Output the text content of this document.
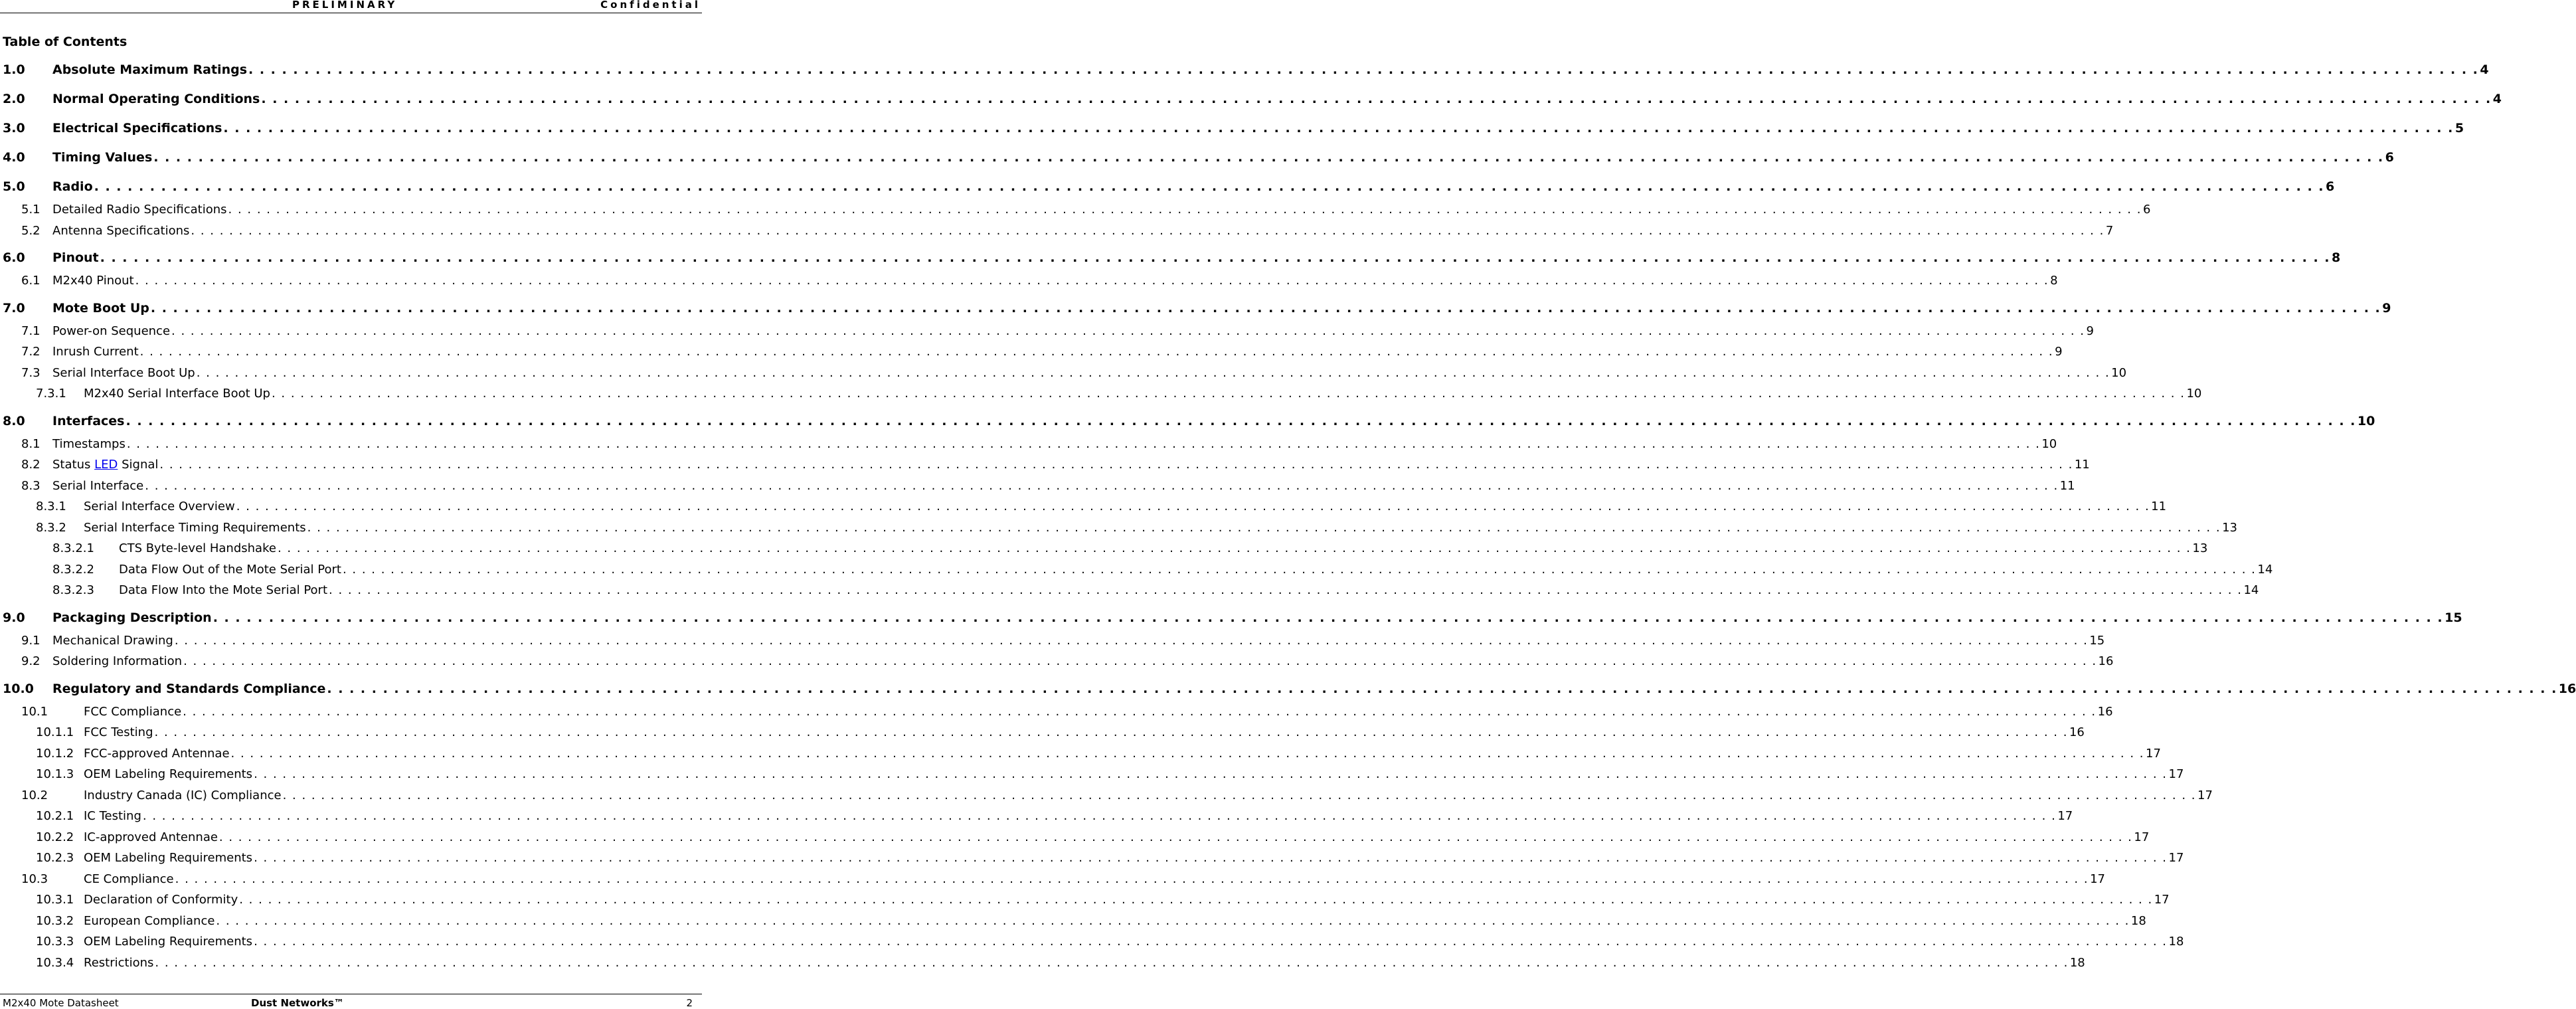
PRELIMINARY	Confidential
Table of Contents
1.0	Absolute Maximum Ratings . . . . . . . . . . . . . . . . . . . . . . . . . . . . . . . . . . . . . . . . . . . . . . . . . . . . . . . . . . . . . . . . . . . . . . . . . . . . . . . . . . . . . . . . . . . . . . . . . . . . . . . . . . . . . . . . . . . . . . . . . . . . . . . . . . . . . . . . . . . . . . . . . . . . . . . . . . . . . . . . . . . . . . . . . . . . . . . . . . . . . . . . . . . . . . . . . . . . . . . . 4
2.0	Normal Operating Conditions . . . . . . . . . . . . . . . . . . . . . . . . . . . . . . . . . . . . . . . . . . . . . . . . . . . . . . . . . . . . . . . . . . . . . . . . . . . . . . . . . . . . . . . . . . . . . . . . . . . . . . . . . . . . . . . . . . . . . . . . . . . . . . . . . . . . . . . . . . . . . . . . . . . . . . . . . . . . . . . . . . . . . . . . . . . . . . . . . . . . . . . . . . . . . . . . . . . . . . . . 4
3.0	Electrical Specifications . . . . . . . . . . . . . . . . . . . . . . . . . . . . . . . . . . . . . . . . . . . . . . . . . . . . . . . . . . . . . . . . . . . . . . . . . . . . . . . . . . . . . . . . . . . . . . . . . . . . . . . . . . . . . . . . . . . . . . . . . . . . . . . . . . . . . . . . . . . . . . . . . . . . . . . . . . . . . . . . . . . . . . . . . . . . . . . . . . . . . . . . . . . . . . . . . . . . . . . . 5
4.0	Timing Values . . . . . . . . . . . . . . . . . . . . . . . . . . . . . . . . . . . . . . . . . . . . . . . . . . . . . . . . . . . . . . . . . . . . . . . . . . . . . . . . . . . . . . . . . . . . . . . . . . . . . . . . . . . . . . . . . . . . . . . . . . . . . . . . . . . . . . . . . . . . . . . . . . . . . . . . . . . . . . . . . . . . . . . . . . . . . . . . . . . . . . . . . . . . . . . . . . . . . . . . 6
5.0	Radio . . . . . . . . . . . . . . . . . . . . . . . . . . . . . . . . . . . . . . . . . . . . . . . . . . . . . . . . . . . . . . . . . . . . . . . . . . . . . . . . . . . . . . . . . . . . . . . . . . . . . . . . . . . . . . . . . . . . . . . . . . . . . . . . . . . . . . . . . . . . . . . . . . . . . . . . . . . . . . . . . . . . . . . . . . . . . . . . . . . . . . . . . . . . . . . . . . . . . . . . 6
5.1	Detailed Radio Specifications . . . . . . . . . . . . . . . . . . . . . . . . . . . . . . . . . . . . . . . . . . . . . . . . . . . . . . . . . . . . . . . . . . . . . . . . . . . . . . . . . . . . . . . . . . . . . . . . . . . . . . . . . . . . . . . . . . . . . . . . . . . . . . . . . . . . . . . . . . . . . . . . . . . . . . . . . . . . . . . . . . . . . . . . . . . . . . . . . . . . . . . . . . . . . . . . . . . . . . . . 6
5.2	Antenna Specifications . . . . . . . . . . . . . . . . . . . . . . . . . . . . . . . . . . . . . . . . . . . . . . . . . . . . . . . . . . . . . . . . . . . . . . . . . . . . . . . . . . . . . . . . . . . . . . . . . . . . . . . . . . . . . . . . . . . . . . . . . . . . . . . . . . . . . . . . . . . . . . . . . . . . . . . . . . . . . . . . . . . . . . . . . . . . . . . . . . . . . . . . . . . . . . . . . . . . . . . . 7
6.0	Pinout . . . . . . . . . . . . . . . . . . . . . . . . . . . . . . . . . . . . . . . . . . . . . . . . . . . . . . . . . . . . . . . . . . . . . . . . . . . . . . . . . . . . . . . . . . . . . . . . . . . . . . . . . . . . . . . . . . . . . . . . . . . . . . . . . . . . . . . . . . . . . . . . . . . . . . . . . . . . . . . . . . . . . . . . . . . . . . . . . . . . . . . . . . . . . . . . . . . . . . . . 8
6.1	M2x40 Pinout . . . . . . . . . . . . . . . . . . . . . . . . . . . . . . . . . . . . . . . . . . . . . . . . . . . . . . . . . . . . . . . . . . . . . . . . . . . . . . . . . . . . . . . . . . . . . . . . . . . . . . . . . . . . . . . . . . . . . . . . . . . . . . . . . . . . . . . . . . . . . . . . . . . . . . . . . . . . . . . . . . . . . . . . . . . . . . . . . . . . . . . . . . . . . . . . . . . . . . . . 8
7.0	Mote Boot Up . . . . . . . . . . . . . . . . . . . . . . . . . . . . . . . . . . . . . . . . . . . . . . . . . . . . . . . . . . . . . . . . . . . . . . . . . . . . . . . . . . . . . . . . . . . . . . . . . . . . . . . . . . . . . . . . . . . . . . . . . . . . . . . . . . . . . . . . . . . . . . . . . . . . . . . . . . . . . . . . . . . . . . . . . . . . . . . . . . . . . . . . . . . . . . . . . . . . . . . . 9
7.1	Power-on Sequence . . . . . . . . . . . . . . . . . . . . . . . . . . . . . . . . . . . . . . . . . . . . . . . . . . . . . . . . . . . . . . . . . . . . . . . . . . . . . . . . . . . . . . . . . . . . . . . . . . . . . . . . . . . . . . . . . . . . . . . . . . . . . . . . . . . . . . . . . . . . . . . . . . . . . . . . . . . . . . . . . . . . . . . . . . . . . . . . . . . . . . . . . . . . . . . . . . . . . . . . 9
7.2	Inrush Current . . . . . . . . . . . . . . . . . . . . . . . . . . . . . . . . . . . . . . . . . . . . . . . . . . . . . . . . . . . . . . . . . . . . . . . . . . . . . . . . . . . . . . . . . . . . . . . . . . . . . . . . . . . . . . . . . . . . . . . . . . . . . . . . . . . . . . . . . . . . . . . . . . . . . . . . . . . . . . . . . . . . . . . . . . . . . . . . . . . . . . . . . . . . . . . . . . . . . . . . 9
7.3	Serial Interface Boot Up . . . . . . . . . . . . . . . . . . . . . . . . . . . . . . . . . . . . . . . . . . . . . . . . . . . . . . . . . . . . . . . . . . . . . . . . . . . . . . . . . . . . . . . . . . . . . . . . . . . . . . . . . . . . . . . . . . . . . . . . . . . . . . . . . . . . . . . . . . . . . . . . . . . . . . . . . . . . . . . . . . . . . . . . . . . . . . . . . . . . . . . . . . . . . . . . . . . . . . . . 10
7.3.1	M2x40 Serial Interface Boot Up . . . . . . . . . . . . . . . . . . . . . . . . . . . . . . . . . . . . . . . . . . . . . . . . . . . . . . . . . . . . . . . . . . . . . . . . . . . . . . . . . . . . . . . . . . . . . . . . . . . . . . . . . . . . . . . . . . . . . . . . . . . . . . . . . . . . . . . . . . . . . . . . . . . . . . . . . . . . . . . . . . . . . . . . . . . . . . . . . . . . . . . . . . . . . . . . . . . . . . . . 10
8.0	Interfaces . . . . . . . . . . . . . . . . . . . . . . . . . . . . . . . . . . . . . . . . . . . . . . . . . . . . . . . . . . . . . . . . . . . . . . . . . . . . . . . . . . . . . . . . . . . . . . . . . . . . . . . . . . . . . . . . . . . . . . . . . . . . . . . . . . . . . . . . . . . . . . . . . . . . . . . . . . . . . . . . . . . . . . . . . . . . . . . . . . . . . . . . . . . . . . . . . . . . . . . . 10
8.1	Timestamps . . . . . . . . . . . . . . . . . . . . . . . . . . . . . . . . . . . . . . . . . . . . . . . . . . . . . . . . . . . . . . . . . . . . . . . . . . . . . . . . . . . . . . . . . . . . . . . . . . . . . . . . . . . . . . . . . . . . . . . . . . . . . . . . . . . . . . . . . . . . . . . . . . . . . . . . . . . . . . . . . . . . . . . . . . . . . . . . . . . . . . . . . . . . . . . . . . . . . . . . 10
8.2	Status LED Signal . . . . . . . . . . . . . . . . . . . . . . . . . . . . . . . . . . . . . . . . . . . . . . . . . . . . . . . . . . . . . . . . . . . . . . . . . . . . . . . . . . . . . . . . . . . . . . . . . . . . . . . . . . . . . . . . . . . . . . . . . . . . . . . . . . . . . . . . . . . . . . . . . . . . . . . . . . . . . . . . . . . . . . . . . . . . . . . . . . . . . . . . . . . . . . . . . . . . . . . . 11
8.3	Serial Interface . . . . . . . . . . . . . . . . . . . . . . . . . . . . . . . . . . . . . . . . . . . . . . . . . . . . . . . . . . . . . . . . . . . . . . . . . . . . . . . . . . . . . . . . . . . . . . . . . . . . . . . . . . . . . . . . . . . . . . . . . . . . . . . . . . . . . . . . . . . . . . . . . . . . . . . . . . . . . . . . . . . . . . . . . . . . . . . . . . . . . . . . . . . . . . . . . . . . . . . . 11
8.3.1	Serial Interface Overview . . . . . . . . . . . . . . . . . . . . . . . . . . . . . . . . . . . . . . . . . . . . . . . . . . . . . . . . . . . . . . . . . . . . . . . . . . . . . . . . . . . . . . . . . . . . . . . . . . . . . . . . . . . . . . . . . . . . . . . . . . . . . . . . . . . . . . . . . . . . . . . . . . . . . . . . . . . . . . . . . . . . . . . . . . . . . . . . . . . . . . . . . . . . . . . . . . . . . . . . 11
8.3.2	Serial Interface Timing Requirements . . . . . . . . . . . . . . . . . . . . . . . . . . . . . . . . . . . . . . . . . . . . . . . . . . . . . . . . . . . . . . . . . . . . . . . . . . . . . . . . . . . . . . . . . . . . . . . . . . . . . . . . . . . . . . . . . . . . . . . . . . . . . . . . . . . . . . . . . . . . . . . . . . . . . . . . . . . . . . . . . . . . . . . . . . . . . . . . . . . . . . . . . . . . . . . . . . . . . . . . 13
8.3.2.1	CTS Byte-level Handshake . . . . . . . . . . . . . . . . . . . . . . . . . . . . . . . . . . . . . . . . . . . . . . . . . . . . . . . . . . . . . . . . . . . . . . . . . . . . . . . . . . . . . . . . . . . . . . . . . . . . . . . . . . . . . . . . . . . . . . . . . . . . . . . . . . . . . . . . . . . . . . . . . . . . . . . . . . . . . . . . . . . . . . . . . . . . . . . . . . . . . . . . . . . . . . . . . . . . . . . . 13
8.3.2.2	Data Flow Out of the Mote Serial Port . . . . . . . . . . . . . . . . . . . . . . . . . . . . . . . . . . . . . . . . . . . . . . . . . . . . . . . . . . . . . . . . . . . . . . . . . . . . . . . . . . . . . . . . . . . . . . . . . . . . . . . . . . . . . . . . . . . . . . . . . . . . . . . . . . . . . . . . . . . . . . . . . . . . . . . . . . . . . . . . . . . . . . . . . . . . . . . . . . . . . . . . . . . . . . . . . . . . . . . . 14
8.3.2.3	Data Flow Into the Mote Serial Port . . . . . . . . . . . . . . . . . . . . . . . . . . . . . . . . . . . . . . . . . . . . . . . . . . . . . . . . . . . . . . . . . . . . . . . . . . . . . . . . . . . . . . . . . . . . . . . . . . . . . . . . . . . . . . . . . . . . . . . . . . . . . . . . . . . . . . . . . . . . . . . . . . . . . . . . . . . . . . . . . . . . . . . . . . . . . . . . . . . . . . . . . . . . . . . . . . . . . . . . 14
9.0	Packaging Description . . . . . . . . . . . . . . . . . . . . . . . . . . . . . . . . . . . . . . . . . . . . . . . . . . . . . . . . . . . . . . . . . . . . . . . . . . . . . . . . . . . . . . . . . . . . . . . . . . . . . . . . . . . . . . . . . . . . . . . . . . . . . . . . . . . . . . . . . . . . . . . . . . . . . . . . . . . . . . . . . . . . . . . . . . . . . . . . . . . . . . . . . . . . . . . . . . . . . . . . 15
9.1	Mechanical Drawing . . . . . . . . . . . . . . . . . . . . . . . . . . . . . . . . . . . . . . . . . . . . . . . . . . . . . . . . . . . . . . . . . . . . . . . . . . . . . . . . . . . . . . . . . . . . . . . . . . . . . . . . . . . . . . . . . . . . . . . . . . . . . . . . . . . . . . . . . . . . . . . . . . . . . . . . . . . . . . . . . . . . . . . . . . . . . . . . . . . . . . . . . . . . . . . . . . . . . . . . 15
9.2	Soldering Information . . . . . . . . . . . . . . . . . . . . . . . . . . . . . . . . . . . . . . . . . . . . . . . . . . . . . . . . . . . . . . . . . . . . . . . . . . . . . . . . . . . . . . . . . . . . . . . . . . . . . . . . . . . . . . . . . . . . . . . . . . . . . . . . . . . . . . . . . . . . . . . . . . . . . . . . . . . . . . . . . . . . . . . . . . . . . . . . . . . . . . . . . . . . . . . . . . . . . . . . 16
10.0	Regulatory and Standards Compliance . . . . . . . . . . . . . . . . . . . . . . . . . . . . . . . . . . . . . . . . . . . . . . . . . . . . . . . . . . . . . . . . . . . . . . . . . . . . . . . . . . . . . . . . . . . . . . . . . . . . . . . . . . . . . . . . . . . . . . . . . . . . . . . . . . . . . . . . . . . . . . . . . . . . . . . . . . . . . . . . . . . . . . . . . . . . . . . . . . . . . . . . . . . . . . . . . . . . . . . . 16
10.1	FCC Compliance . . . . . . . . . . . . . . . . . . . . . . . . . . . . . . . . . . . . . . . . . . . . . . . . . . . . . . . . . . . . . . . . . . . . . . . . . . . . . . . . . . . . . . . . . . . . . . . . . . . . . . . . . . . . . . . . . . . . . . . . . . . . . . . . . . . . . . . . . . . . . . . . . . . . . . . . . . . . . . . . . . . . . . . . . . . . . . . . . . . . . . . . . . . . . . . . . . . . . . . . 16
10.1.1 FCC Testing . . . . . . . . . . . . . . . . . . . . . . . . . . . . . . . . . . . . . . . . . . . . . . . . . . . . . . . . . . . . . . . . . . . . . . . . . . . . . . . . . . . . . . . . . . . . . . . . . . . . . . . . . . . . . . . . . . . . . . . . . . . . . . . . . . . . . . . . . . . . . . . . . . . . . . . . . . . . . . . . . . . . . . . . . . . . . . . . . . . . . . . . . . . . . . . . . . . . . . . . 16
10.1.2 FCC-approved Antennae . . . . . . . . . . . . . . . . . . . . . . . . . . . . . . . . . . . . . . . . . . . . . . . . . . . . . . . . . . . . . . . . . . . . . . . . . . . . . . . . . . . . . . . . . . . . . . . . . . . . . . . . . . . . . . . . . . . . . . . . . . . . . . . . . . . . . . . . . . . . . . . . . . . . . . . . . . . . . . . . . . . . . . . . . . . . . . . . . . . . . . . . . . . . . . . . . . . . . . . . 17
10.1.3 OEM Labeling Requirements . . . . . . . . . . . . . . . . . . . . . . . . . . . . . . . . . . . . . . . . . . . . . . . . . . . . . . . . . . . . . . . . . . . . . . . . . . . . . . . . . . . . . . . . . . . . . . . . . . . . . . . . . . . . . . . . . . . . . . . . . . . . . . . . . . . . . . . . . . . . . . . . . . . . . . . . . . . . . . . . . . . . . . . . . . . . . . . . . . . . . . . . . . . . . . . . . . . . . . . . 17
10.2	Industry Canada (IC) Compliance . . . . . . . . . . . . . . . . . . . . . . . . . . . . . . . . . . . . . . . . . . . . . . . . . . . . . . . . . . . . . . . . . . . . . . . . . . . . . . . . . . . . . . . . . . . . . . . . . . . . . . . . . . . . . . . . . . . . . . . . . . . . . . . . . . . . . . . . . . . . . . . . . . . . . . . . . . . . . . . . . . . . . . . . . . . . . . . . . . . . . . . . . . . . . . . . . . . . . . . . 17
10.2.1 IC Testing . . . . . . . . . . . . . . . . . . . . . . . . . . . . . . . . . . . . . . . . . . . . . . . . . . . . . . . . . . . . . . . . . . . . . . . . . . . . . . . . . . . . . . . . . . . . . . . . . . . . . . . . . . . . . . . . . . . . . . . . . . . . . . . . . . . . . . . . . . . . . . . . . . . . . . . . . . . . . . . . . . . . . . . . . . . . . . . . . . . . . . . . . . . . . . . . . . . . . . . . 17
10.2.2 IC-approved Antennae . . . . . . . . . . . . . . . . . . . . . . . . . . . . . . . . . . . . . . . . . . . . . . . . . . . . . . . . . . . . . . . . . . . . . . . . . . . . . . . . . . . . . . . . . . . . . . . . . . . . . . . . . . . . . . . . . . . . . . . . . . . . . . . . . . . . . . . . . . . . . . . . . . . . . . . . . . . . . . . . . . . . . . . . . . . . . . . . . . . . . . . . . . . . . . . . . . . . . . . . 17
10.2.3 OEM Labeling Requirements . . . . . . . . . . . . . . . . . . . . . . . . . . . . . . . . . . . . . . . . . . . . . . . . . . . . . . . . . . . . . . . . . . . . . . . . . . . . . . . . . . . . . . . . . . . . . . . . . . . . . . . . . . . . . . . . . . . . . . . . . . . . . . . . . . . . . . . . . . . . . . . . . . . . . . . . . . . . . . . . . . . . . . . . . . . . . . . . . . . . . . . . . . . . . . . . . . . . . . . . 17
10.3	CE Compliance . . . . . . . . . . . . . . . . . . . . . . . . . . . . . . . . . . . . . . . . . . . . . . . . . . . . . . . . . . . . . . . . . . . . . . . . . . . . . . . . . . . . . . . . . . . . . . . . . . . . . . . . . . . . . . . . . . . . . . . . . . . . . . . . . . . . . . . . . . . . . . . . . . . . . . . . . . . . . . . . . . . . . . . . . . . . . . . . . . . . . . . . . . . . . . . . . . . . . . . . 17
10.3.1 Declaration of Conformity . . . . . . . . . . . . . . . . . . . . . . . . . . . . . . . . . . . . . . . . . . . . . . . . . . . . . . . . . . . . . . . . . . . . . . . . . . . . . . . . . . . . . . . . . . . . . . . . . . . . . . . . . . . . . . . . . . . . . . . . . . . . . . . . . . . . . . . . . . . . . . . . . . . . . . . . . . . . . . . . . . . . . . . . . . . . . . . . . . . . . . . . . . . . . . . . . . . . . . . . 17
10.3.2 European Compliance . . . . . . . . . . . . . . . . . . . . . . . . . . . . . . . . . . . . . . . . . . . . . . . . . . . . . . . . . . . . . . . . . . . . . . . . . . . . . . . . . . . . . . . . . . . . . . . . . . . . . . . . . . . . . . . . . . . . . . . . . . . . . . . . . . . . . . . . . . . . . . . . . . . . . . . . . . . . . . . . . . . . . . . . . . . . . . . . . . . . . . . . . . . . . . . . . . . . . . . . 18
10.3.3 OEM Labeling Requirements . . . . . . . . . . . . . . . . . . . . . . . . . . . . . . . . . . . . . . . . . . . . . . . . . . . . . . . . . . . . . . . . . . . . . . . . . . . . . . . . . . . . . . . . . . . . . . . . . . . . . . . . . . . . . . . . . . . . . . . . . . . . . . . . . . . . . . . . . . . . . . . . . . . . . . . . . . . . . . . . . . . . . . . . . . . . . . . . . . . . . . . . . . . . . . . . . . . . . . . . 18
10.3.4 Restrictions . . . . . . . . . . . . . . . . . . . . . . . . . . . . . . . . . . . . . . . . . . . . . . . . . . . . . . . . . . . . . . . . . . . . . . . . . . . . . . . . . . . . . . . . . . . . . . . . . . . . . . . . . . . . . . . . . . . . . . . . . . . . . . . . . . . . . . . . . . . . . . . . . . . . . . . . . . . . . . . . . . . . . . . . . . . . . . . . . . . . . . . . . . . . . . . . . . . . . . . . 18
M2x40 Mote Datasheet	Dust Networks™	2
